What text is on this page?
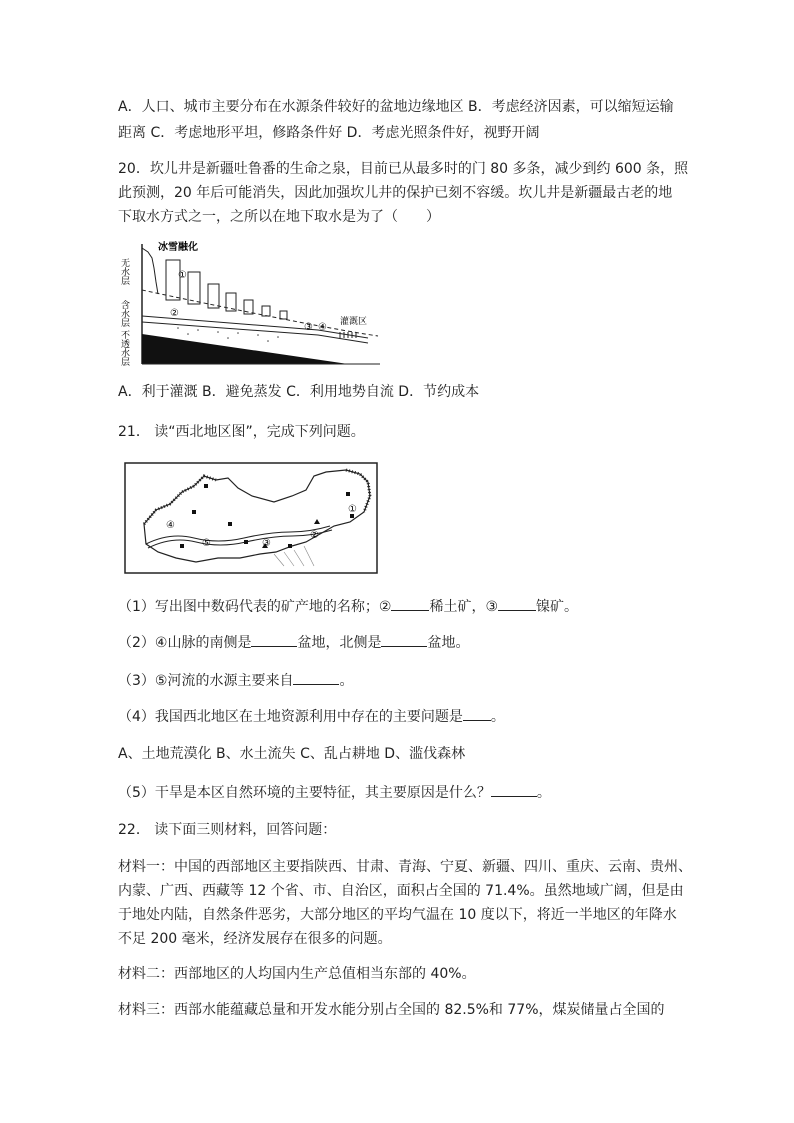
A．人口、城市主要分布在水源条件较好的盆地边缘地区 B．考虑经济因素，可以缩短运输
距离 C．考虑地形平坦，修路条件好 D．考虑光照条件好，视野开阔
20．坎儿井是新疆吐鲁番的生命之泉，目前已从最多时的门 80 多条，减少到约 600 条，照
此预测，20 年后可能消失，因此加强坎儿井的保护已刻不容缓。坎儿井是新疆最古老的地
下取水方式之一，之所以在地下取水是为了（　　）
无水层
含水层
不透水层
冰雪融化
①
②
③ ④ 灌溉区
A．利于灌溉 B．避免蒸发 C．利用地势自流 D．节约成本
21． 读“西北地区图”，完成下列问题。
①
②
③
④
⑤
（1）写出图中数码代表的矿产地的名称；②	稀土矿，③	镍矿。
（2）④山脉的南侧是	盆地，北侧是	盆地。
（3）⑤河流的水源主要来自	。
（4）我国西北地区在土地资源利用中存在的主要问题是 。
A、土地荒漠化 B、水土流失 C、乱占耕地 D、滥伐森林
（5）干旱是本区自然环境的主要特征，其主要原因是什么？	。
22． 读下面三则材料，回答问题：
材料一：中国的西部地区主要指陕西、甘肃、青海、宁夏、新疆、四川、重庆、云南、贵州、
内蒙、广西、西藏等 12 个省、市、自治区，面积占全国的 71.4%。虽然地域广阔，但是由
于地处内陆，自然条件恶劣，大部分地区的平均气温在 10 度以下，将近一半地区的年降水
不足 200 毫米，经济发展存在很多的问题。
材料二：西部地区的人均国内生产总值相当东部的 40%。
材料三：西部水能蕴藏总量和开发水能分别占全国的 82.5%和 77%，煤炭储量占全国的
